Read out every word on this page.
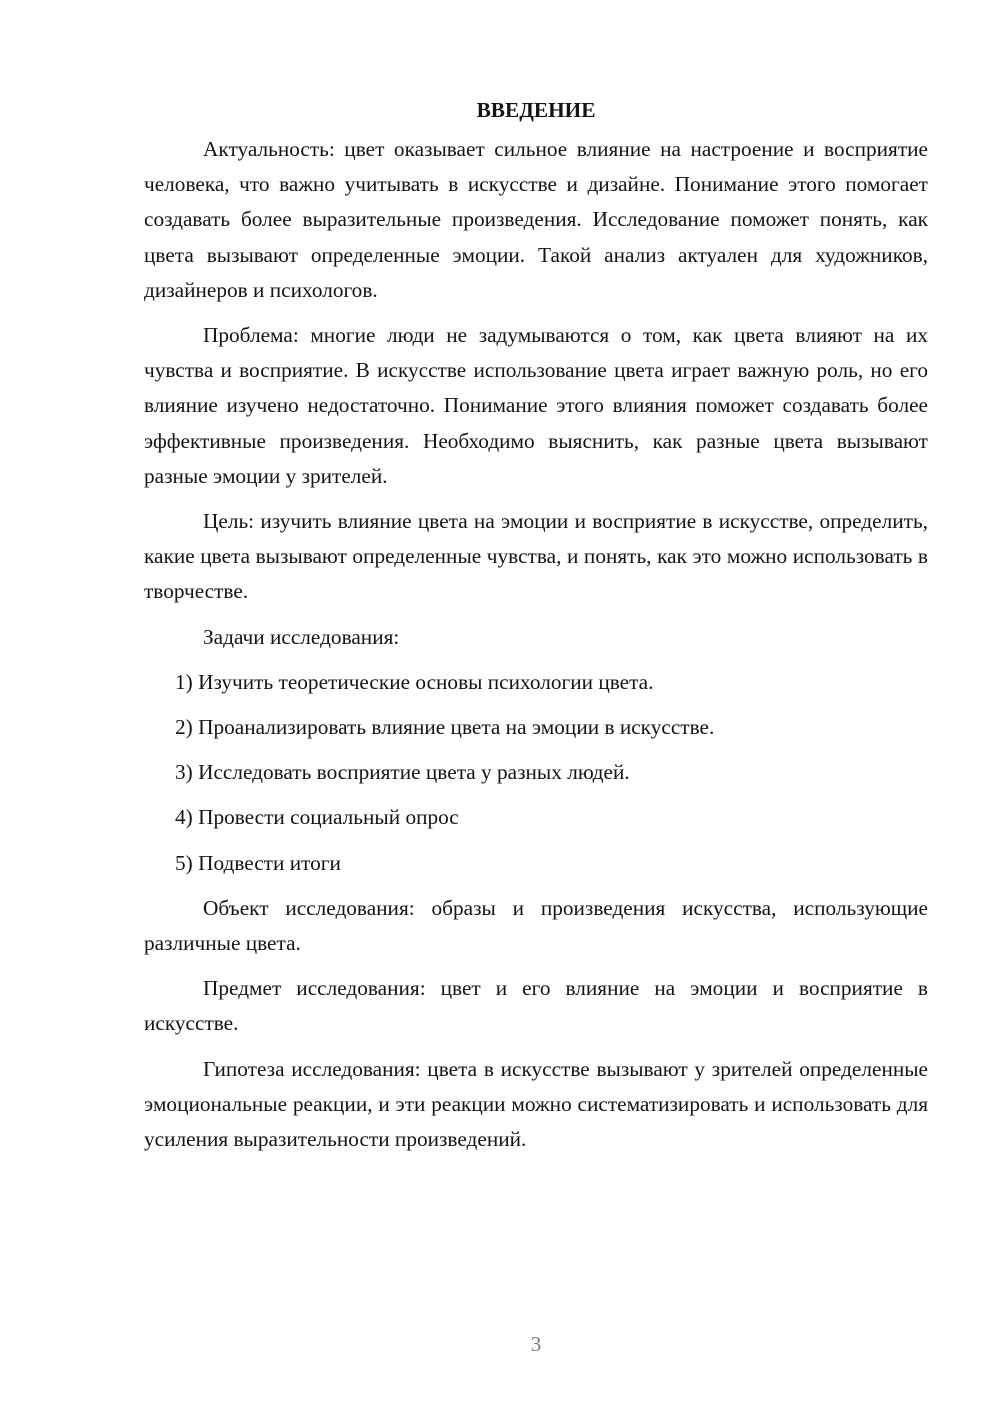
ВВЕДЕНИЕ

Актуальность: цвет оказывает сильное влияние на настроение и восприятие человека, что важно учитывать в искусстве и дизайне. Понимание этого помогает создавать более выразительные произведения. Исследование поможет понять, как цвета вызывают определенные эмоции. Такой анализ актуален для художников, дизайнеров и психологов.

Проблема: многие люди не задумываются о том, как цвета влияют на их чувства и восприятие. В искусстве использование цвета играет важную роль, но его влияние изучено недостаточно. Понимание этого влияния поможет создавать более эффективные произведения. Необходимо выяснить, как разные цвета вызывают разные эмоции у зрителей.

Цель: изучить влияние цвета на эмоции и восприятие в искусстве, определить, какие цвета вызывают определенные чувства, и понять, как это можно использовать в творчестве.

Задачи исследования:

1) Изучить теоретические основы психологии цвета.
2) Проанализировать влияние цвета на эмоции в искусстве.
3) Исследовать восприятие цвета у разных людей.
4) Провести социальный опрос
5) Подвести итоги

Объект исследования: образы и произведения искусства, использующие различные цвета.

Предмет исследования: цвет и его влияние на эмоции и восприятие в искусстве.

Гипотеза исследования: цвета в искусстве вызывают у зрителей определенные эмоциональные реакции, и эти реакции можно систематизировать и использовать для усиления выразительности произведений.

3
